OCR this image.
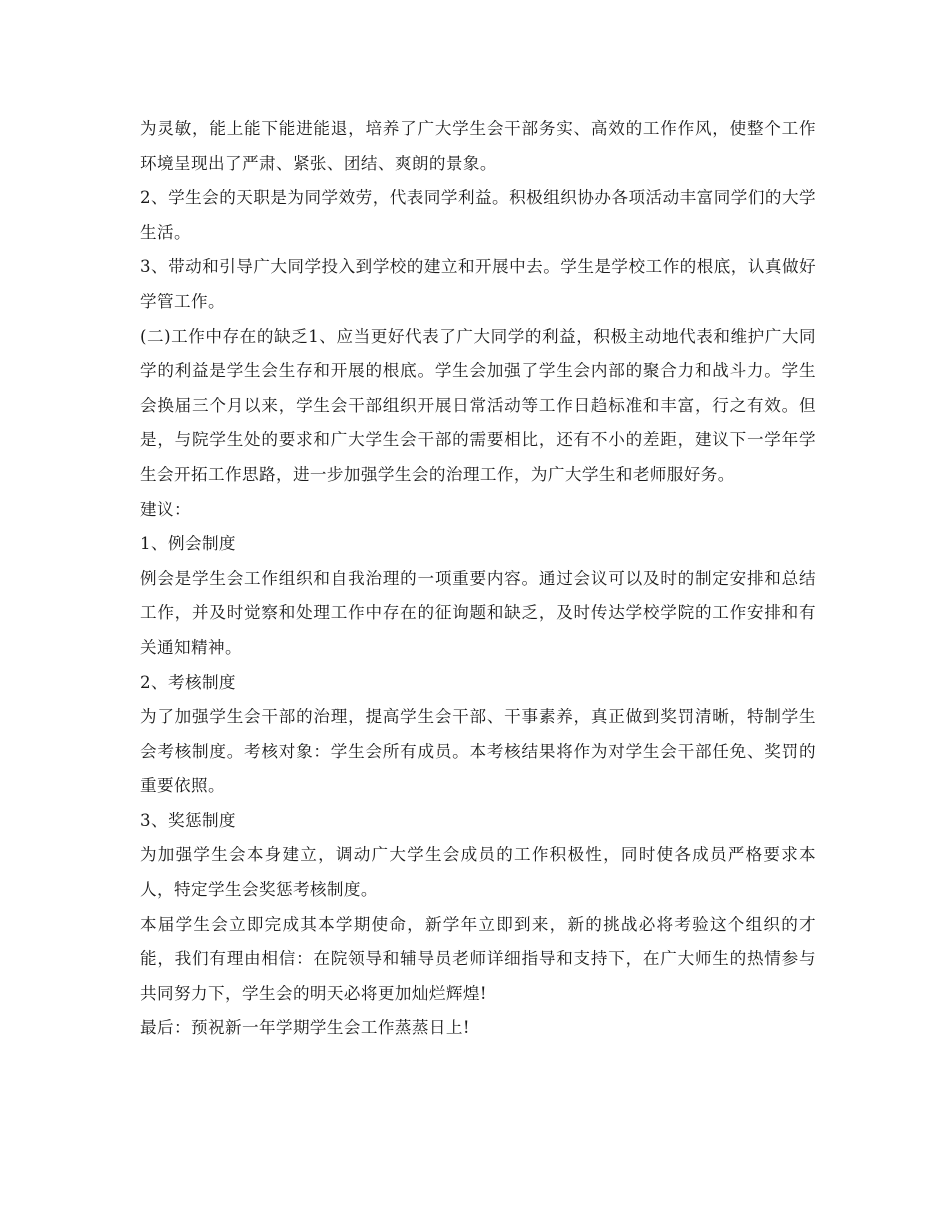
为灵敏，能上能下能进能退，培养了广大学生会干部务实、高效的工作作风，使整个工作环境呈现出了严肃、紧张、团结、爽朗的景象。

2、学生会的天职是为同学效劳，代表同学利益。积极组织协办各项活动丰富同学们的大学生活。

3、带动和引导广大同学投入到学校的建立和开展中去。学生是学校工作的根底，认真做好学管工作。

(二)工作中存在的缺乏1、应当更好代表了广大同学的利益，积极主动地代表和维护广大同学的利益是学生会生存和开展的根底。学生会加强了学生会内部的聚合力和战斗力。学生会换届三个月以来，学生会干部组织开展日常活动等工作日趋标准和丰富，行之有效。但是，与院学生处的要求和广大学生会干部的需要相比，还有不小的差距，建议下一学年学生会开拓工作思路，进一步加强学生会的治理工作，为广大学生和老师服好务。

建议：

1、例会制度

例会是学生会工作组织和自我治理的一项重要内容。通过会议可以及时的制定安排和总结工作，并及时觉察和处理工作中存在的征询题和缺乏，及时传达学校学院的工作安排和有关通知精神。

2、考核制度

为了加强学生会干部的治理，提高学生会干部、干事素养，真正做到奖罚清晰，特制学生会考核制度。考核对象：学生会所有成员。本考核结果将作为对学生会干部任免、奖罚的重要依照。

3、奖惩制度

为加强学生会本身建立，调动广大学生会成员的工作积极性，同时使各成员严格要求本人，特定学生会奖惩考核制度。

本届学生会立即完成其本学期使命，新学年立即到来，新的挑战必将考验这个组织的才能，我们有理由相信：在院领导和辅导员老师详细指导和支持下，在广大师生的热情参与共同努力下，学生会的明天必将更加灿烂辉煌!

最后：预祝新一年学期学生会工作蒸蒸日上!
